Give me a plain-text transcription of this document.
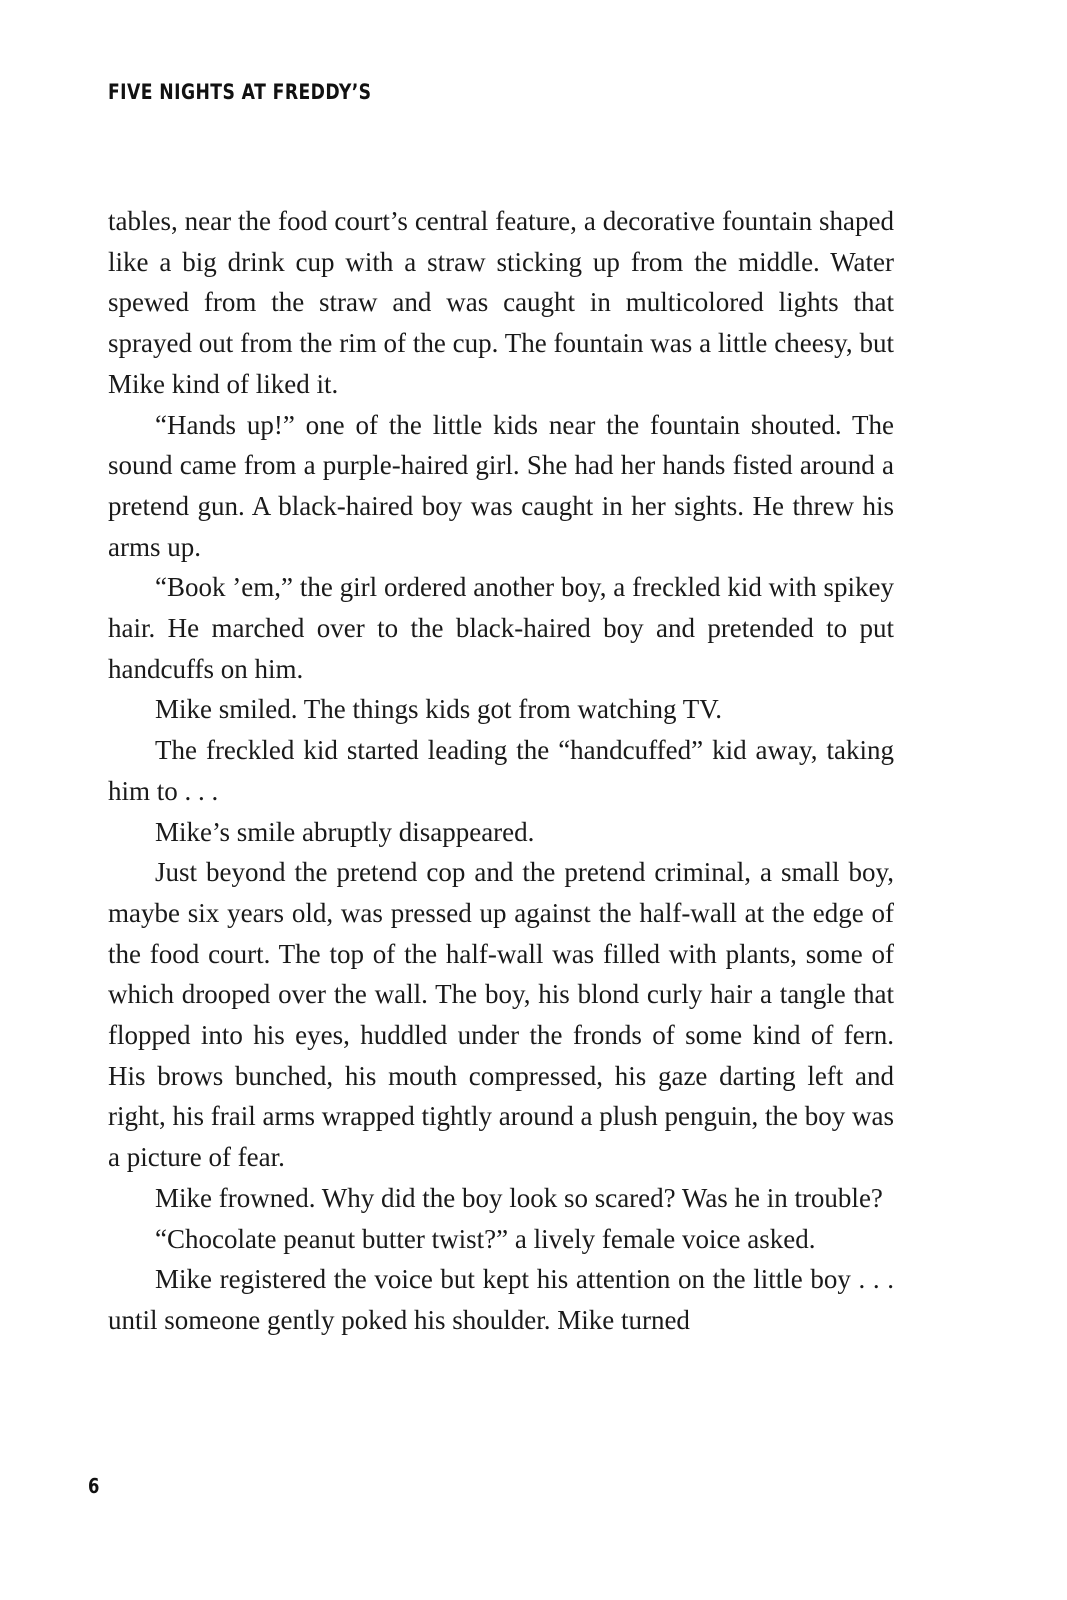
FIVE NIGHTS AT FREDDY’S

tables, near the food court’s central feature, a decorative fountain shaped like a big drink cup with a straw sticking up from the middle. Water spewed from the straw and was caught in multicolored lights that sprayed out from the rim of the cup. The fountain was a little cheesy, but Mike kind of liked it.

“Hands up!” one of the little kids near the fountain shouted. The sound came from a purple-haired girl. She had her hands fisted around a pretend gun. A black-haired boy was caught in her sights. He threw his arms up.

“Book ’em,” the girl ordered another boy, a freckled kid with spikey hair. He marched over to the black-haired boy and pretended to put handcuffs on him.

Mike smiled. The things kids got from watching TV.

The freckled kid started leading the “handcuffed” kid away, taking him to . . .

Mike’s smile abruptly disappeared.

Just beyond the pretend cop and the pretend criminal, a small boy, maybe six years old, was pressed up against the half-wall at the edge of the food court. The top of the half-wall was filled with plants, some of which drooped over the wall. The boy, his blond curly hair a tangle that flopped into his eyes, huddled under the fronds of some kind of fern. His brows bunched, his mouth compressed, his gaze darting left and right, his frail arms wrapped tightly around a plush penguin, the boy was a picture of fear.

Mike frowned. Why did the boy look so scared? Was he in trouble?

“Chocolate peanut butter twist?” a lively female voice asked.

Mike registered the voice but kept his attention on the little boy . . . until someone gently poked his shoulder. Mike turned

6
